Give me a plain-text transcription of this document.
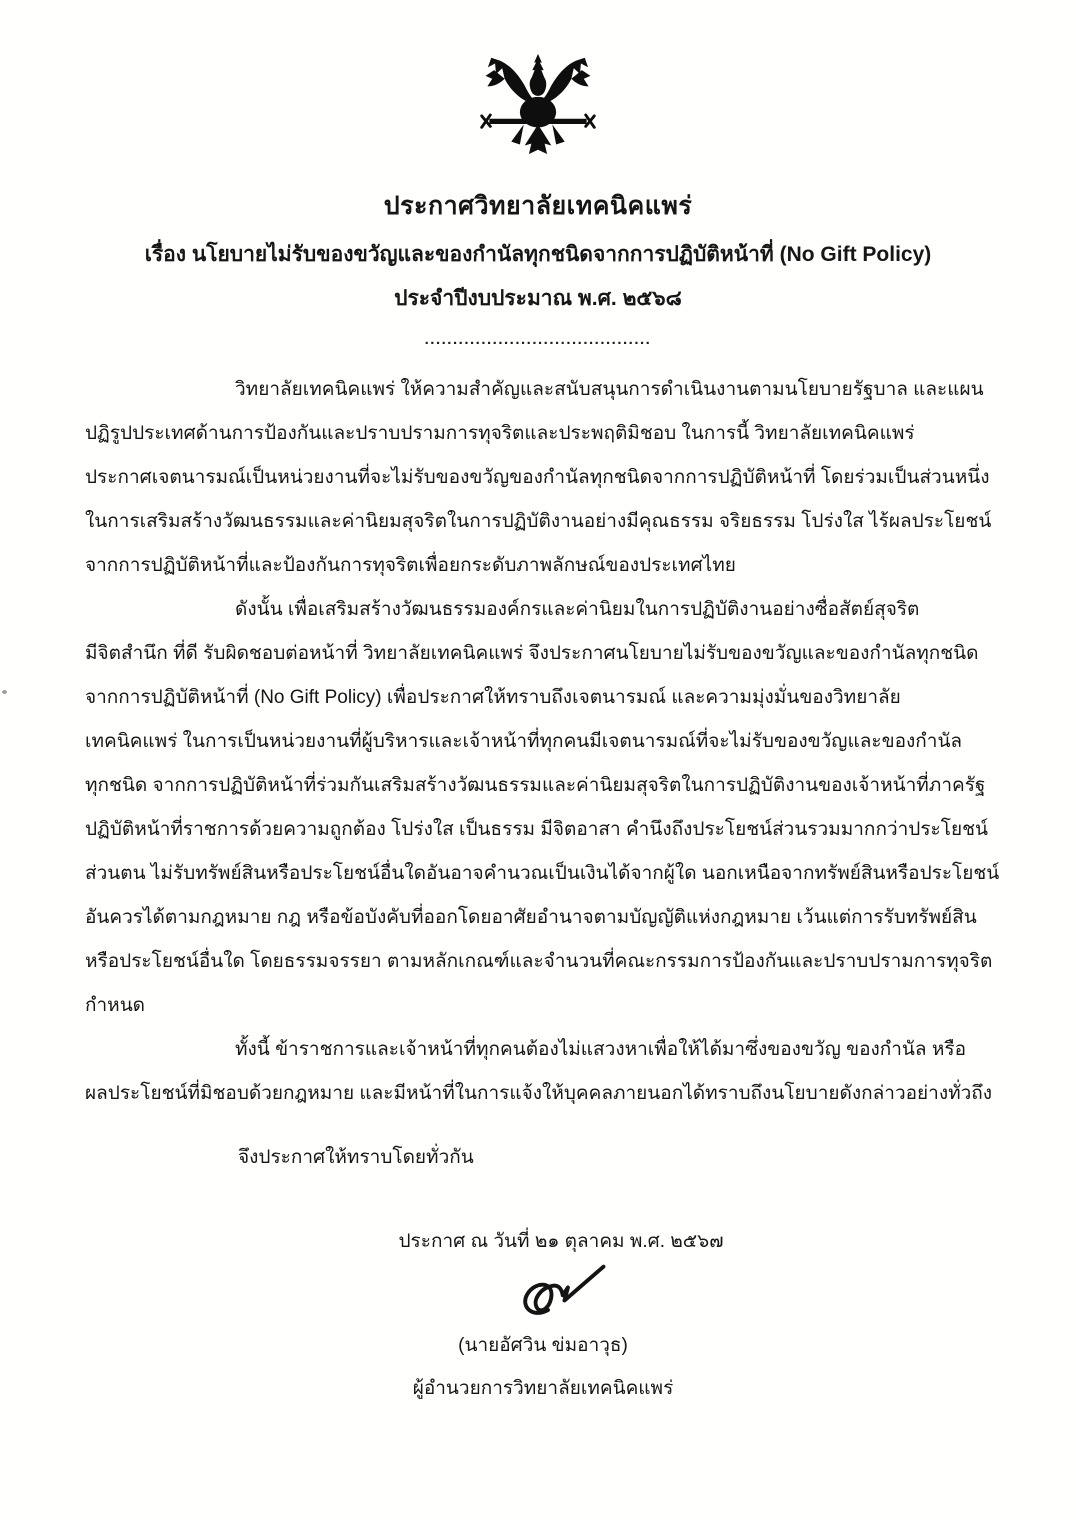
ประกาศวิทยาลัยเทคนิคแพร่
เรื่อง นโยบายไม่รับของขวัญและของกำนัลทุกชนิดจากการปฏิบัติหน้าที่ (No Gift Policy)
ประจำปีงบประมาณ พ.ศ. ๒๕๖๘
........................................
วิทยาลัยเทคนิคแพร่ ให้ความสำคัญและสนับสนุนการดำเนินงานตามนโยบายรัฐบาล และแผน
ปฏิรูปประเทศด้านการป้องกันและปราบปรามการทุจริตและประพฤติมิชอบ ในการนี้ วิทยาลัยเทคนิคแพร่
ประกาศเจตนารมณ์เป็นหน่วยงานที่จะไม่รับของขวัญของกำนัลทุกชนิดจากการปฏิบัติหน้าที่ โดยร่วมเป็นส่วนหนึ่ง
ในการเสริมสร้างวัฒนธรรมและค่านิยมสุจริตในการปฏิบัติงานอย่างมีคุณธรรม จริยธรรม โปร่งใส ไร้ผลประโยชน์
จากการปฏิบัติหน้าที่และป้องกันการทุจริตเพื่อยกระดับภาพลักษณ์ของประเทศไทย
ดังนั้น เพื่อเสริมสร้างวัฒนธรรมองค์กรและค่านิยมในการปฏิบัติงานอย่างซื่อสัตย์สุจริต
มีจิตสำนึก ที่ดี รับผิดชอบต่อหน้าที่ วิทยาลัยเทคนิคแพร่ จึงประกาศนโยบายไม่รับของขวัญและของกำนัลทุกชนิด
จากการปฏิบัติหน้าที่ (No Gift Policy) เพื่อประกาศให้ทราบถึงเจตนารมณ์ และความมุ่งมั่นของวิทยาลัย
เทคนิคแพร่ ในการเป็นหน่วยงานที่ผู้บริหารและเจ้าหน้าที่ทุกคนมีเจตนารมณ์ที่จะไม่รับของขวัญและของกำนัล
ทุกชนิด จากการปฏิบัติหน้าที่ร่วมกันเสริมสร้างวัฒนธรรมและค่านิยมสุจริตในการปฏิบัติงานของเจ้าหน้าที่ภาครัฐ
ปฏิบัติหน้าที่ราชการด้วยความถูกต้อง โปร่งใส เป็นธรรม มีจิตอาสา คำนึงถึงประโยชน์ส่วนรวมมากกว่าประโยชน์
ส่วนตน ไม่รับทรัพย์สินหรือประโยชน์อื่นใดอันอาจคำนวณเป็นเงินได้จากผู้ใด นอกเหนือจากทรัพย์สินหรือประโยชน์
อันควรได้ตามกฎหมาย กฎ หรือข้อบังคับที่ออกโดยอาศัยอำนาจตามบัญญัติแห่งกฎหมาย เว้นแต่การรับทรัพย์สิน
หรือประโยชน์อื่นใด โดยธรรมจรรยา ตามหลักเกณฑ์และจำนวนที่คณะกรรมการป้องกันและปราบปรามการทุจริต
กำหนด
ทั้งนี้ ข้าราชการและเจ้าหน้าที่ทุกคนต้องไม่แสวงหาเพื่อให้ได้มาซึ่งของขวัญ ของกำนัล หรือ
ผลประโยชน์ที่มิชอบด้วยกฎหมาย และมีหน้าที่ในการแจ้งให้บุคคลภายนอกได้ทราบถึงนโยบายดังกล่าวอย่างทั่วถึง
จึงประกาศให้ทราบโดยทั่วกัน
ประกาศ ณ วันที่ ๒๑ ตุลาคม พ.ศ. ๒๕๖๗
(นายอัศวิน ข่มอาวุธ)
ผู้อำนวยการวิทยาลัยเทคนิคแพร่
